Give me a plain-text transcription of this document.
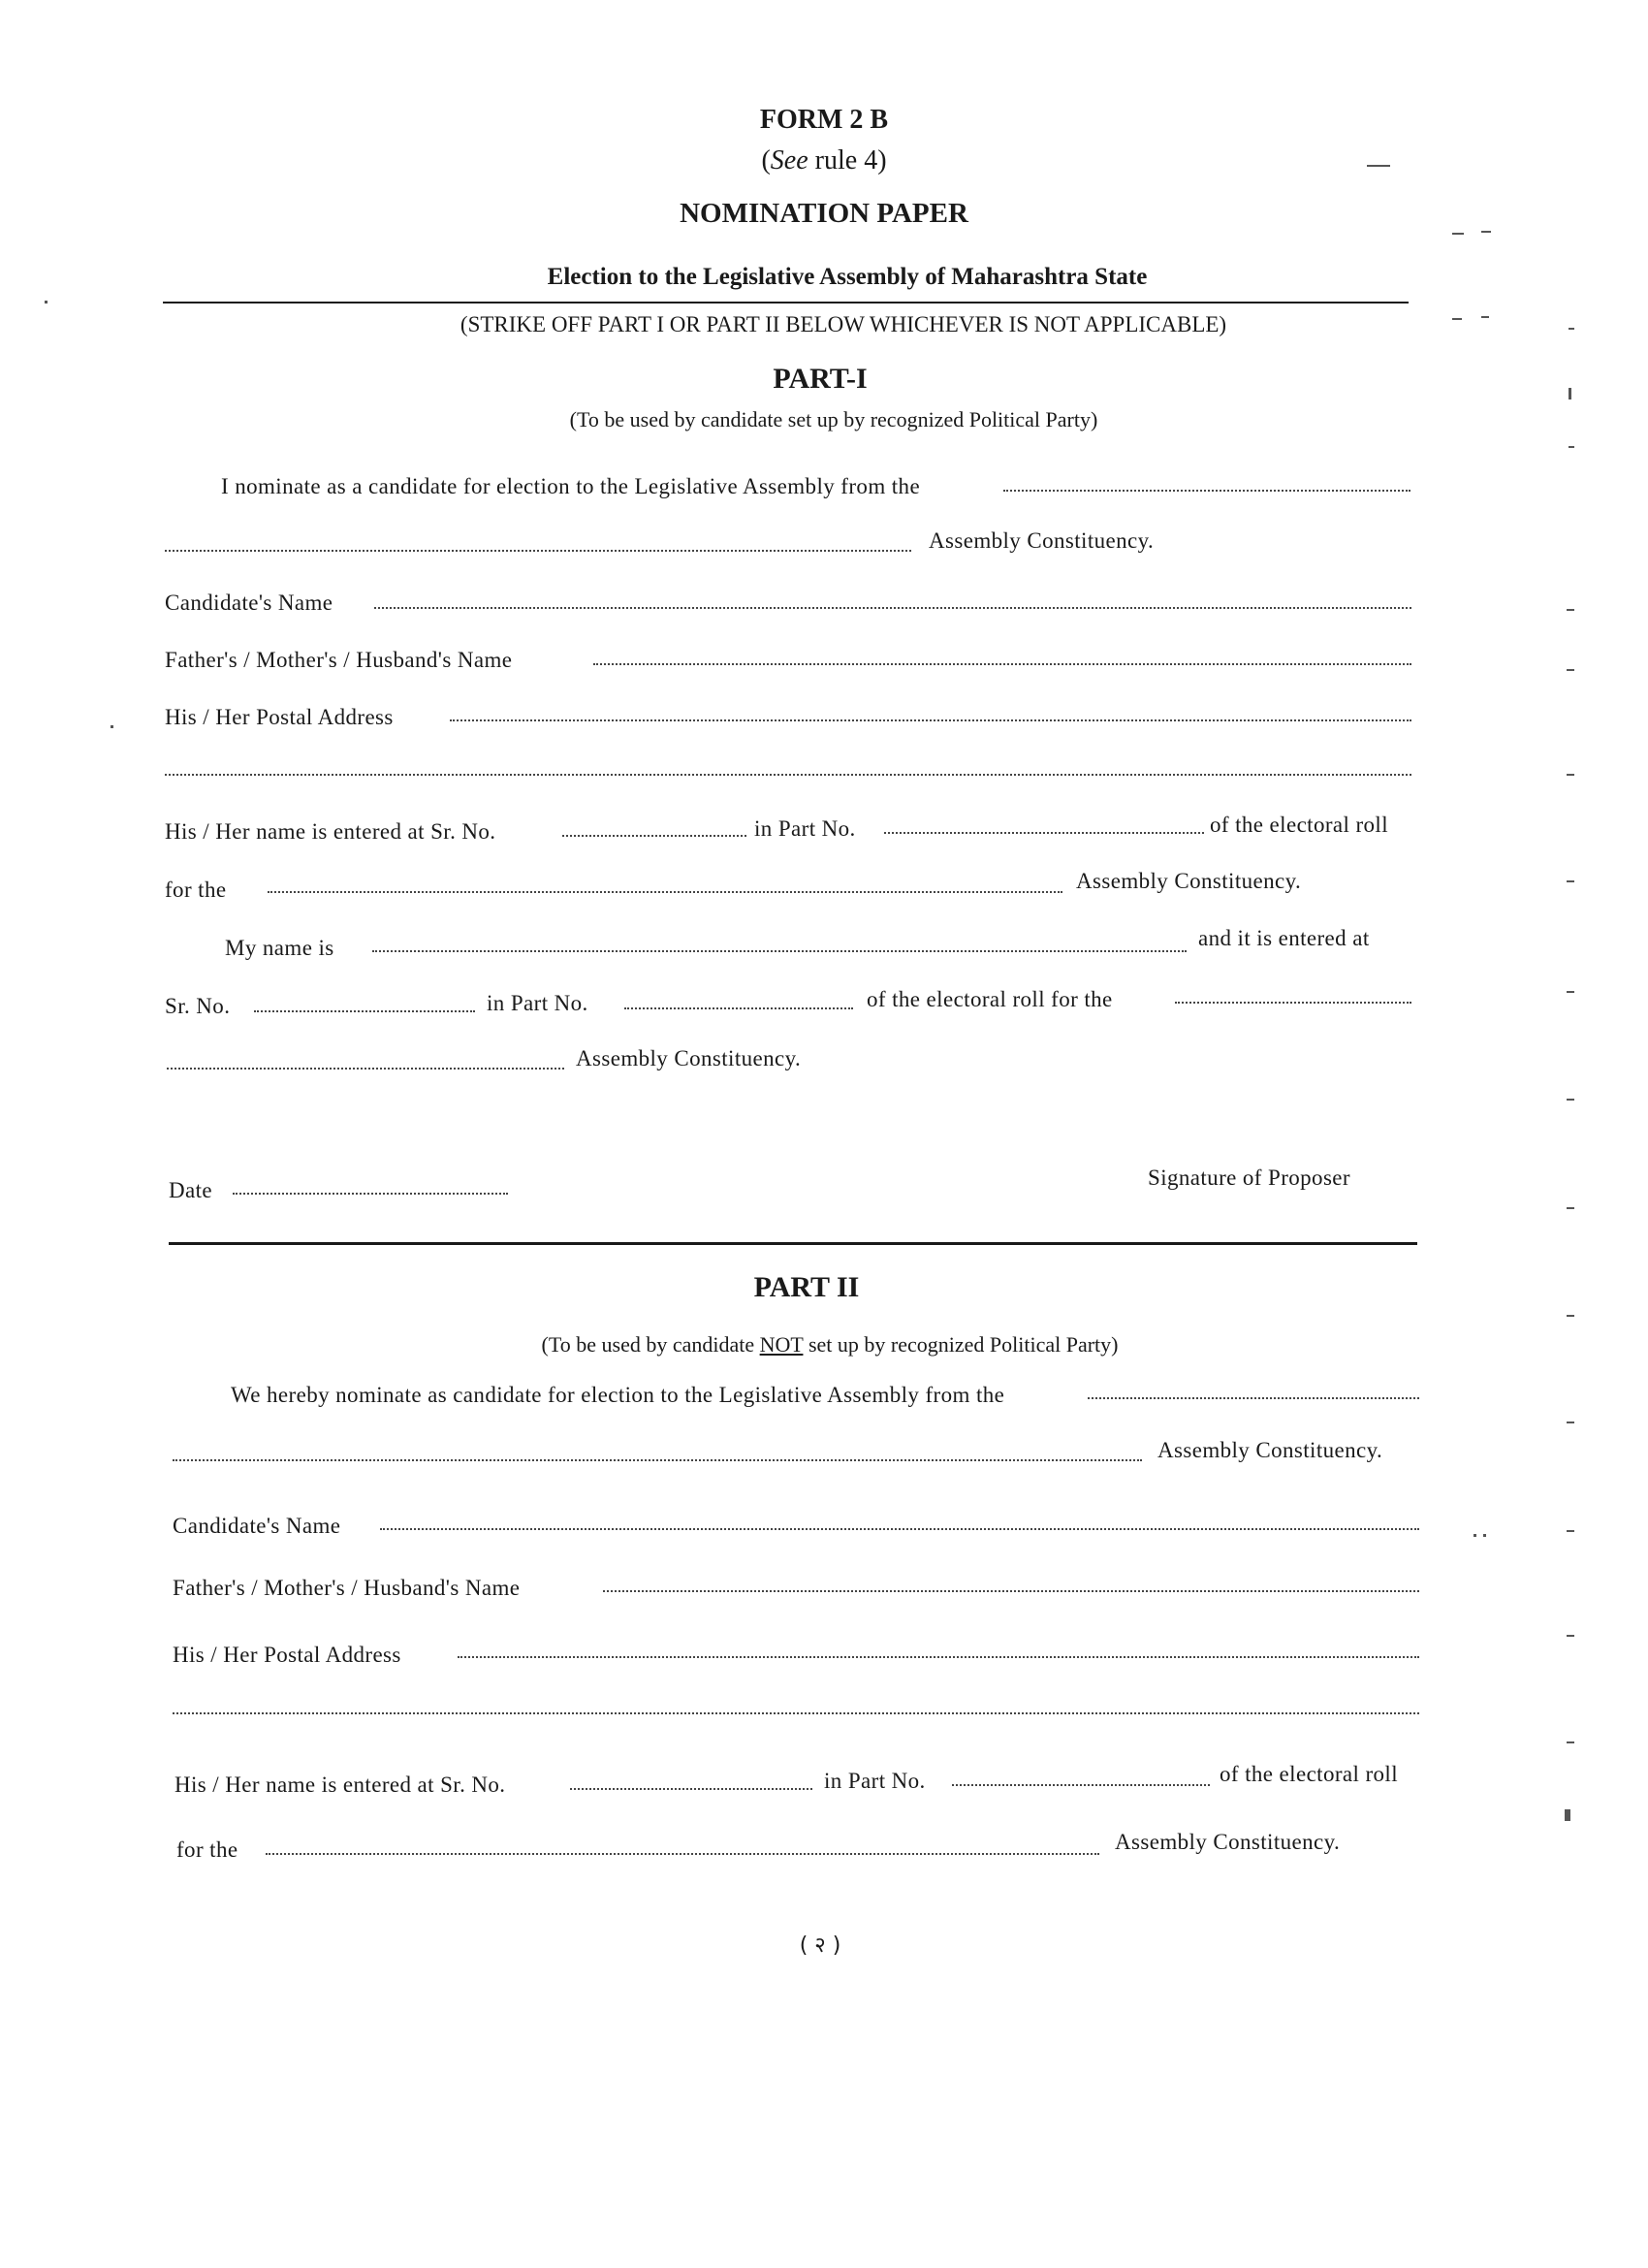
FORM 2 B
(See rule 4)
NOMINATION PAPER
Election to the Legislative Assembly of Maharashtra State
(STRIKE OFF PART I OR PART II BELOW WHICHEVER IS NOT APPLICABLE)
PART-I
(To be used by candidate set up by recognized Political Party)
I nominate as a candidate for election to the Legislative Assembly from the
Assembly Constituency.
Candidate's Name
Father's / Mother's / Husband's Name
His / Her Postal Address
His / Her name is entered at Sr. No.	in Part No.	of the electoral roll
for the	Assembly Constituency.
My name is	and it is entered at
Sr. No.	in Part No.	of the electoral roll for the
Assembly Constituency.
Date
Signature of Proposer
PART II
(To be used by candidate NOT set up by recognized Political Party)
We hereby nominate as candidate for election to the Legislative Assembly from the
Assembly Constituency.
Candidate's Name
Father's / Mother's / Husband's Name
His / Her Postal Address
His / Her name is entered at Sr. No.	in Part No.	of the electoral roll
for the	Assembly Constituency.
( २ )
